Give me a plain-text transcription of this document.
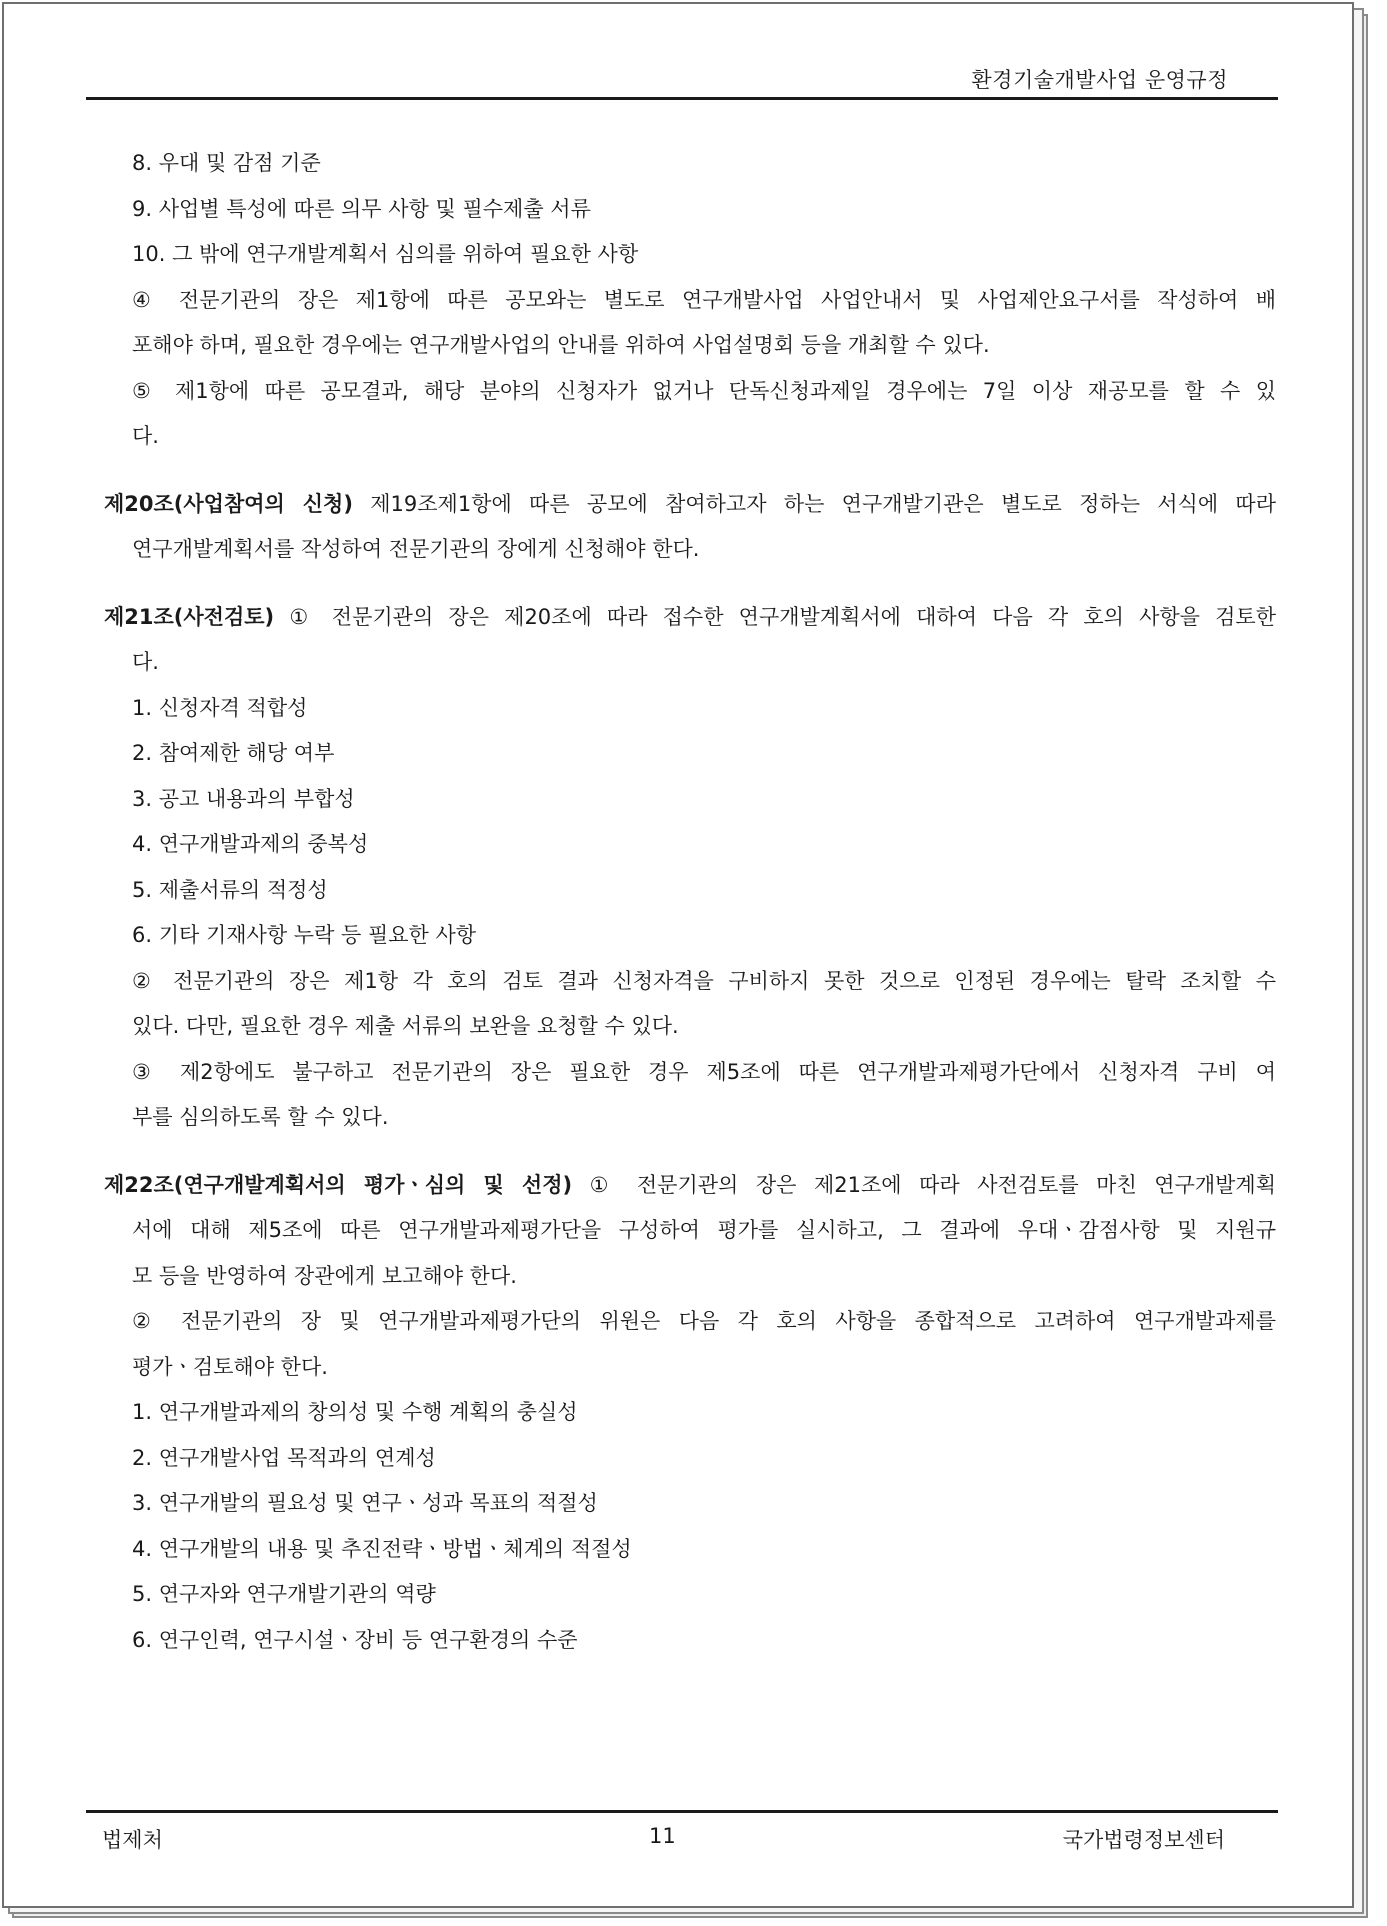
환경기술개발사업 운영규정
8. 우대 및 감점 기준
9. 사업별 특성에 따른 의무 사항 및 필수제출 서류
10. 그 밖에 연구개발계획서 심의를 위하여 필요한 사항
④ 전문기관의 장은 제1항에 따른 공모와는 별도로 연구개발사업 사업안내서 및 사업제안요구서를 작성하여 배
포해야 하며, 필요한 경우에는 연구개발사업의 안내를 위하여 사업설명회 등을 개최할 수 있다.
⑤ 제1항에 따른 공모결과, 해당 분야의 신청자가 없거나 단독신청과제일 경우에는 7일 이상 재공모를 할 수 있
다.
제20조(사업참여의 신청) 제19조제1항에 따른 공모에 참여하고자 하는 연구개발기관은 별도로 정하는 서식에 따라
연구개발계획서를 작성하여 전문기관의 장에게 신청해야 한다.
제21조(사전검토) ① 전문기관의 장은 제20조에 따라 접수한 연구개발계획서에 대하여 다음 각 호의 사항을 검토한
다.
1. 신청자격 적합성
2. 참여제한 해당 여부
3. 공고 내용과의 부합성
4. 연구개발과제의 중복성
5. 제출서류의 적정성
6. 기타 기재사항 누락 등 필요한 사항
② 전문기관의 장은 제1항 각 호의 검토 결과 신청자격을 구비하지 못한 것으로 인정된 경우에는 탈락 조치할 수
있다. 다만, 필요한 경우 제출 서류의 보완을 요청할 수 있다.
③ 제2항에도 불구하고 전문기관의 장은 필요한 경우 제5조에 따른 연구개발과제평가단에서 신청자격 구비 여
부를 심의하도록 할 수 있다.
제22조(연구개발계획서의 평가ㆍ심의 및 선정) ① 전문기관의 장은 제21조에 따라 사전검토를 마친 연구개발계획
서에 대해 제5조에 따른 연구개발과제평가단을 구성하여 평가를 실시하고, 그 결과에 우대ㆍ감점사항 및 지원규
모 등을 반영하여 장관에게 보고해야 한다.
② 전문기관의 장 및 연구개발과제평가단의 위원은 다음 각 호의 사항을 종합적으로 고려하여 연구개발과제를
평가ㆍ검토해야 한다.
1. 연구개발과제의 창의성 및 수행 계획의 충실성
2. 연구개발사업 목적과의 연계성
3. 연구개발의 필요성 및 연구ㆍ성과 목표의 적절성
4. 연구개발의 내용 및 추진전략ㆍ방법ㆍ체계의 적절성
5. 연구자와 연구개발기관의 역량
6. 연구인력, 연구시설ㆍ장비 등 연구환경의 수준
법제처	11	국가법령정보센터
